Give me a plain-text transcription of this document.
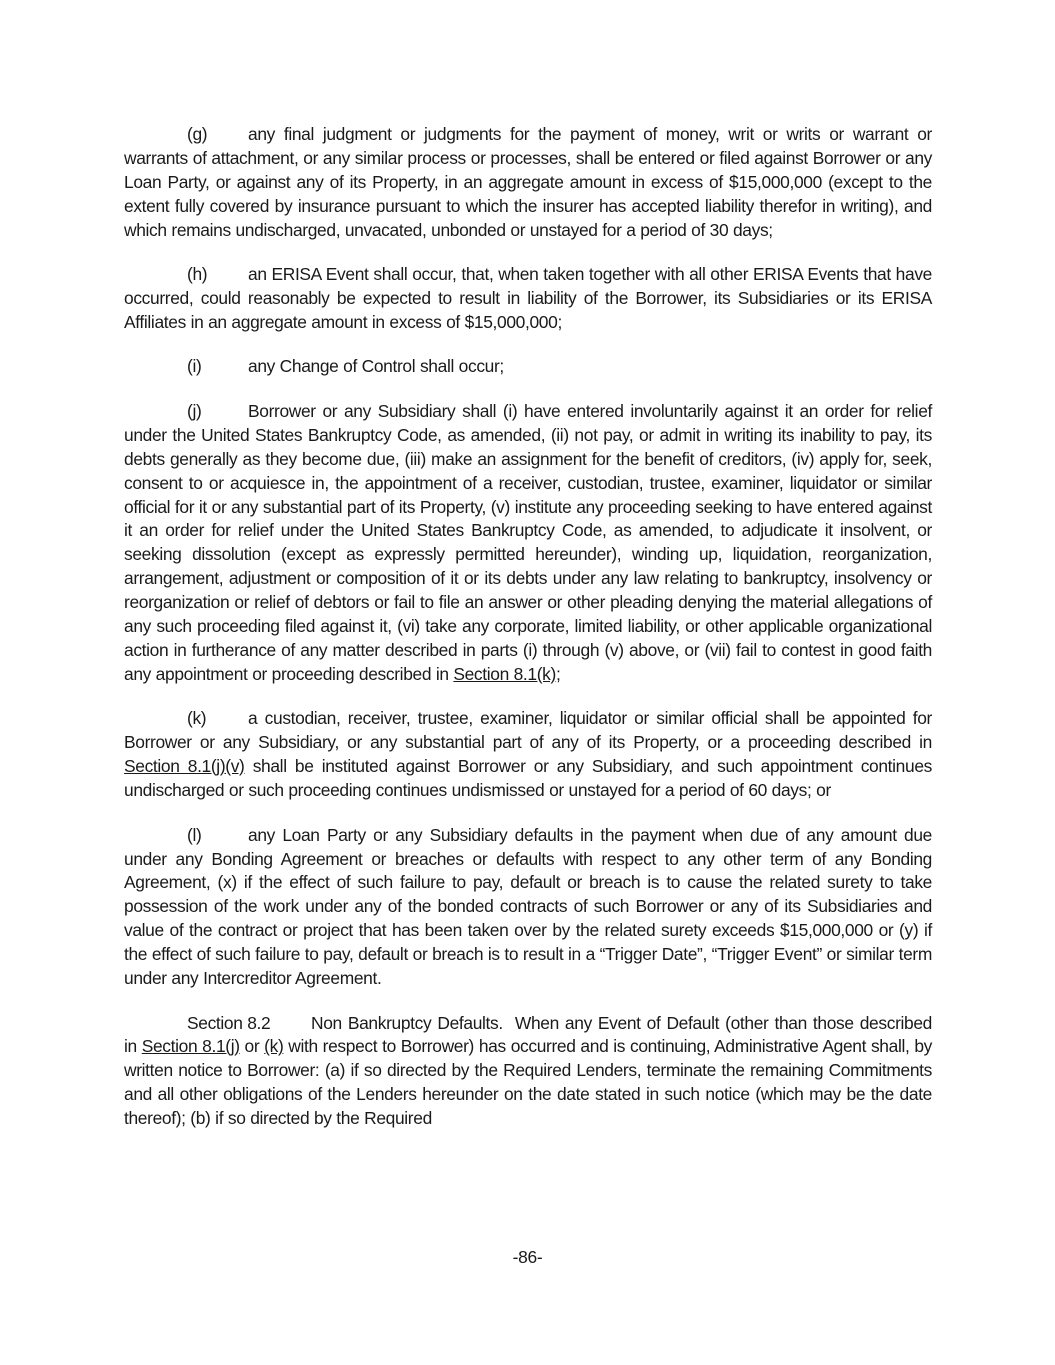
(g) any final judgment or judgments for the payment of money, writ or writs or warrant or warrants of attachment, or any similar process or processes, shall be entered or filed against Borrower or any Loan Party, or against any of its Property, in an aggregate amount in excess of $15,000,000 (except to the extent fully covered by insurance pursuant to which the insurer has accepted liability therefor in writing), and which remains undischarged, unvacated, unbonded or unstayed for a period of 30 days;

(h) an ERISA Event shall occur, that, when taken together with all other ERISA Events that have occurred, could reasonably be expected to result in liability of the Borrower, its Subsidiaries or its ERISA Affiliates in an aggregate amount in excess of $15,000,000;

(i)	any Change of Control shall occur;

(j)	Borrower or any Subsidiary shall (i) have entered involuntarily against it an order for relief under the United States Bankruptcy Code, as amended, (ii) not pay, or admit in writing its inability to pay, its debts generally as they become due, (iii) make an assignment for the benefit of creditors, (iv) apply for, seek, consent to or acquiesce in, the appointment of a receiver, custodian, trustee, examiner, liquidator or similar official for it or any substantial part of its Property, (v) institute any proceeding seeking to have entered against it an order for relief under the United States Bankruptcy Code, as amended, to adjudicate it insolvent, or seeking dissolution (except as expressly permitted hereunder), winding up, liquidation, reorganization, arrangement, adjustment or composition of it or its debts under any law relating to bankruptcy, insolvency or reorganization or relief of debtors or fail to file an answer or other pleading denying the material allegations of any such proceeding filed against it, (vi) take any corporate, limited liability, or other applicable organizational action in furtherance of any matter described in parts (i) through (v) above, or (vii) fail to contest in good faith any appointment or proceeding described in Section 8.1(k);

(k) a custodian, receiver, trustee, examiner, liquidator or similar official shall be appointed for Borrower or any Subsidiary, or any substantial part of any of its Property, or a proceeding described in Section 8.1(j)(v) shall be instituted against Borrower or any Subsidiary, and such appointment continues undischarged or such proceeding continues undismissed or unstayed for a period of 60 days; or

(l)	any Loan Party or any Subsidiary defaults in the payment when due of any amount due under any Bonding Agreement or breaches or defaults with respect to any other term of any Bonding Agreement, (x) if the effect of such failure to pay, default or breach is to cause the related surety to take possession of the work under any of the bonded contracts of such Borrower or any of its Subsidiaries and value of the contract or project that has been taken over by the related surety exceeds $15,000,000 or (y) if the effect of such failure to pay, default or breach is to result in a “Trigger Date”, “Trigger Event” or similar term under any Intercreditor Agreement.

Section 8.2 Non Bankruptcy Defaults. When any Event of Default (other than those described in Section 8.1(j) or (k) with respect to Borrower) has occurred and is continuing, Administrative Agent shall, by written notice to Borrower: (a) if so directed by the Required Lenders, terminate the remaining Commitments and all other obligations of the Lenders hereunder on the date stated in such notice (which may be the date thereof); (b) if so directed by the Required

-86-
